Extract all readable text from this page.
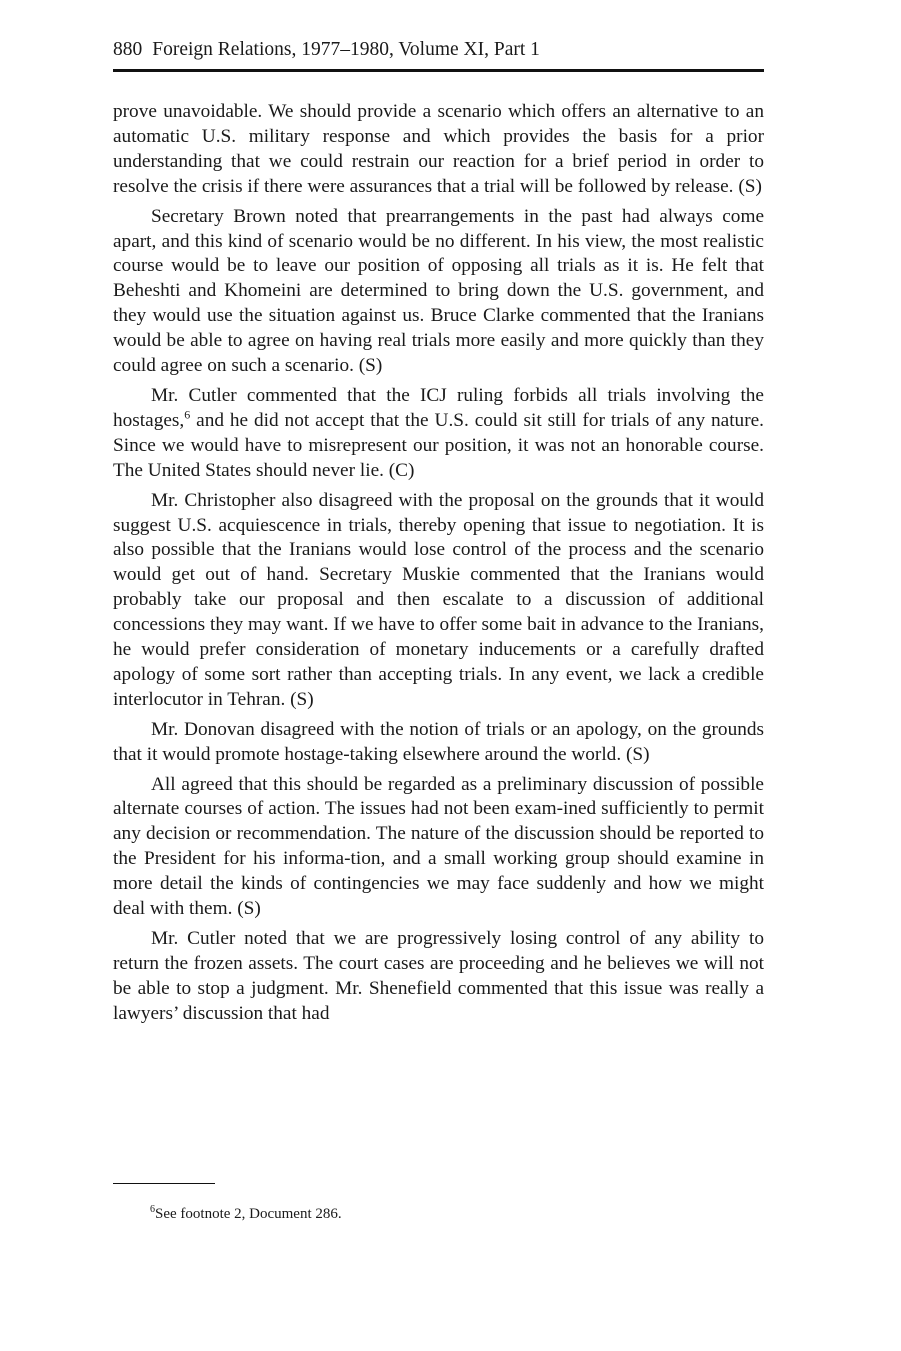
880 Foreign Relations, 1977–1980, Volume XI, Part 1

prove unavoidable. We should provide a scenario which offers an alternative to an automatic U.S. military response and which provides the basis for a prior understanding that we could restrain our reaction for a brief period in order to resolve the crisis if there were assurances that a trial will be followed by release. (S)

Secretary Brown noted that prearrangements in the past had always come apart, and this kind of scenario would be no different. In his view, the most realistic course would be to leave our position of opposing all trials as it is. He felt that Beheshti and Khomeini are determined to bring down the U.S. government, and they would use the situation against us. Bruce Clarke commented that the Iranians would be able to agree on having real trials more easily and more quickly than they could agree on such a scenario. (S)

Mr. Cutler commented that the ICJ ruling forbids all trials involving the hostages,$^6$ and he did not accept that the U.S. could sit still for trials of any nature. Since we would have to misrepresent our position, it was not an honorable course. The United States should never lie. (C)

Mr. Christopher also disagreed with the proposal on the grounds that it would suggest U.S. acquiescence in trials, thereby opening that issue to negotiation. It is also possible that the Iranians would lose control of the process and the scenario would get out of hand. Secretary Muskie commented that the Iranians would probably take our proposal and then escalate to a discussion of additional concessions they may want. If we have to offer some bait in advance to the Iranians, he would prefer consideration of monetary inducements or a carefully drafted apology of some sort rather than accepting trials. In any event, we lack a credible interlocutor in Tehran. (S)

Mr. Donovan disagreed with the notion of trials or an apology, on the grounds that it would promote hostage-taking elsewhere around the world. (S)

All agreed that this should be regarded as a preliminary discussion of possible alternate courses of action. The issues had not been exam-ined sufficiently to permit any decision or recommendation. The nature of the discussion should be reported to the President for his informa-tion, and a small working group should examine in more detail the kinds of contingencies we may face suddenly and how we might deal with them. (S)

Mr. Cutler noted that we are progressively losing control of any ability to return the frozen assets. The court cases are proceeding and he believes we will not be able to stop a judgment. Mr. Shenefield commented that this issue was really a lawyers’ discussion that had

$^6$See footnote 2, Document 286.
